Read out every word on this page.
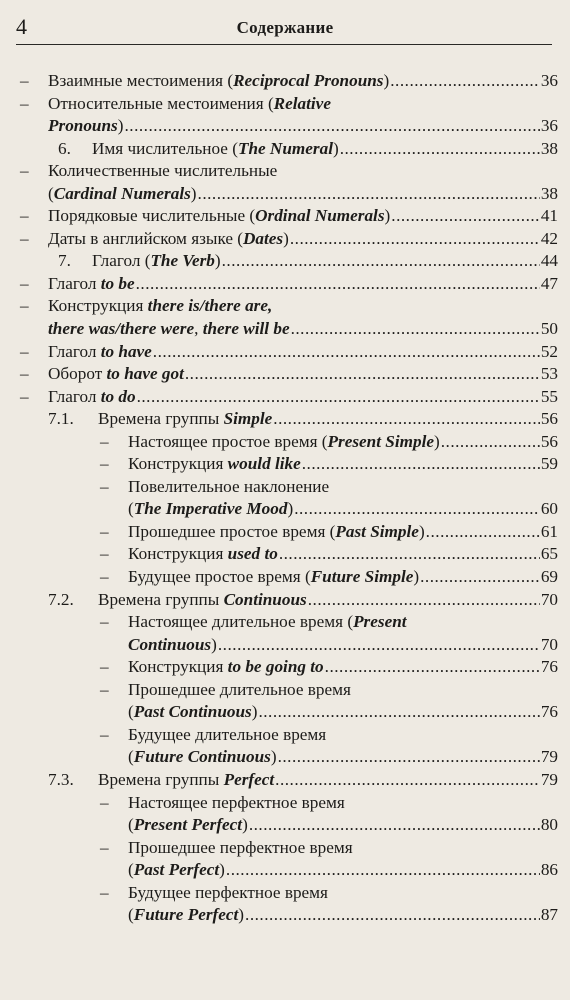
4	Содержание
– Взаимные местоимения (Reciprocal Pronouns) .....	36
– Относительные местоимения (Relative
Pronouns) .....	36
6. Имя числительное (The Numeral) .....	38
– Количественные числительные
(Cardinal Numerals) .....	38
– Порядковые числительные (Ordinal Numerals) .....	41
– Даты в английском языке (Dates) .....	42
7. Глагол (The Verb) .....	44
– Глагол to be .....	47
– Конструкция there is/there are,
there was/there were, there will be .....	50
– Глагол to have .....	52
– Оборот to have got .....	53
– Глагол to do .....	55
7.1. Времена группы Simple .....	56
– Настоящее простое время (Present Simple) .....	56
– Конструкция would like .....	59
– Повелительное наклонение
(The Imperative Mood) .....	60
– Прошедшее простое время (Past Simple) .....	61
– Конструкция used to .....	65
– Будущее простое время (Future Simple) .....	69
7.2. Времена группы Continuous .....	70
– Настоящее длительное время (Present
Continuous) .....	70
– Конструкция to be going to .....	76
– Прошедшее длительное время
(Past Continuous) .....	76
– Будущее длительное время
(Future Continuous) .....	79
7.3. Времена группы Perfect .....	79
– Настоящее перфектное время
(Present Perfect) .....	80
– Прошедшее перфектное время
(Past Perfect) .....	86
– Будущее перфектное время
(Future Perfect) .....	87
